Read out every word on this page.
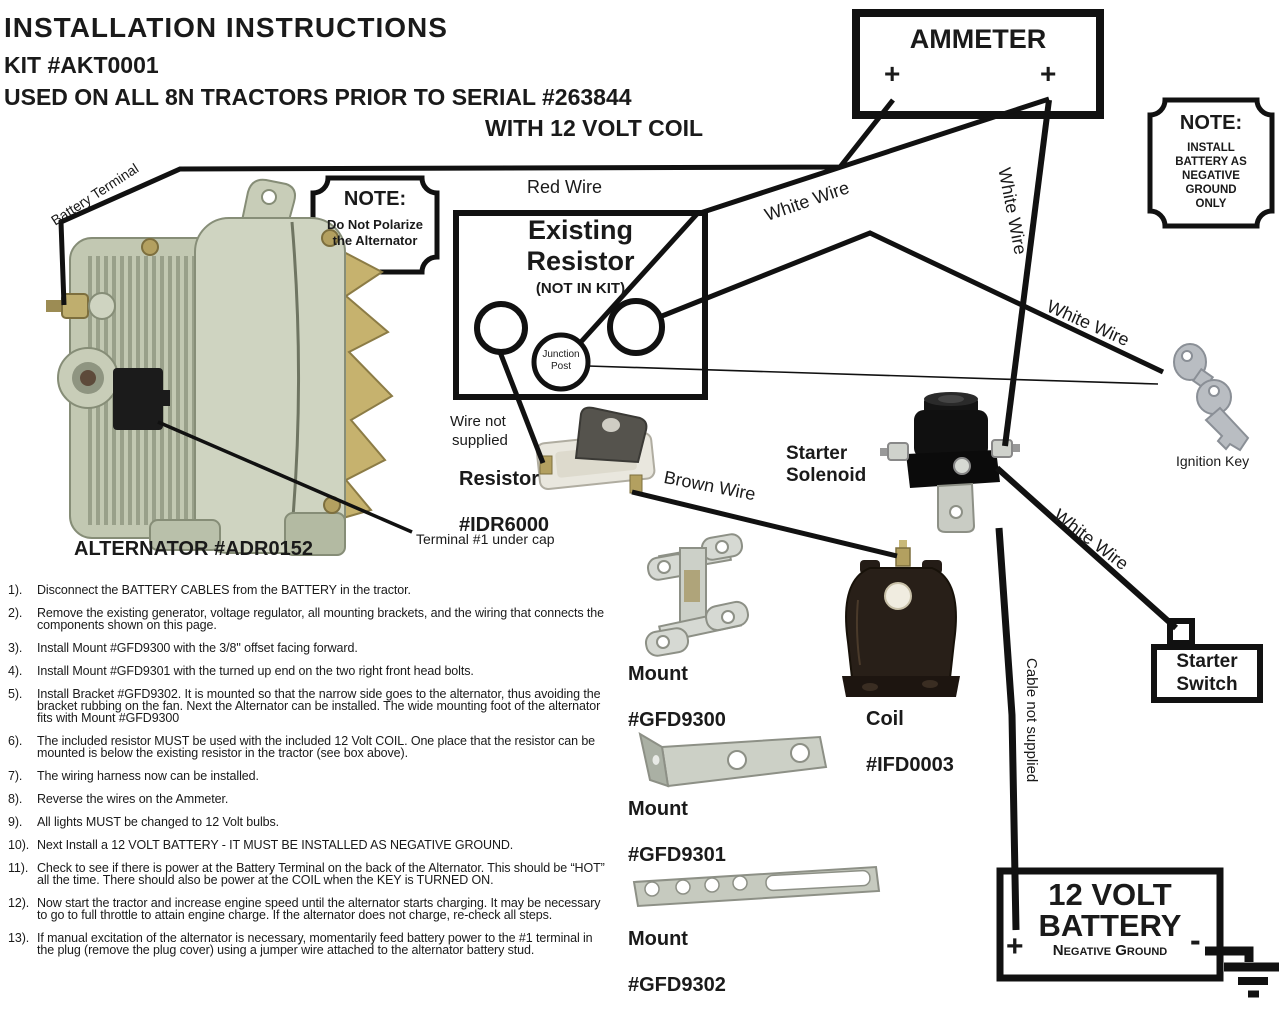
INSTALLATION INSTRUCTIONS
KIT #AKT0001
USED ON ALL 8N TRACTORS PRIOR TO SERIAL #263844
WITH 12 VOLT COIL
AMMETER
+	+
NOTE:
Do Not Polarize
the Alternator
NOTE:
INSTALL
BATTERY AS
NEGATIVE
GROUND
ONLY
Existing
Resistor
(NOT IN KIT)
Junction
Post
Red Wire	White Wire	White Wire
White Wire
White Wire
Brown Wire
Battery Terminal
Wire not
supplied
Terminal #1 under cap
Cable not supplied
Ignition Key
ALTERNATOR #ADR0152
Resistor

#IDR6000
Starter
Solenoid
Mount

#GFD9300
Mount

#GFD9301
Mount

#GFD9302
Coil

#IFD0003
Starter
Switch
12 VOLT
BATTERY
Negative Ground
+	-
1). Disconnect the BATTERY CABLES from the BATTERY in the tractor.
2). Remove the existing generator, voltage regulator, all mounting brackets, and the wiring that connects the components shown on this page.
3). Install Mount #GFD9300 with the 3/8" offset facing forward.
4). Install Mount #GFD9301 with the turned up end on the two right front head bolts.
5). Install Bracket #GFD9302. It is mounted so that the narrow side goes to the alternator, thus avoiding the bracket rubbing on the fan. Next the Alternator can be installed. The wide mounting foot of the alternator fits with Mount #GFD9300
6). The included resistor MUST be used with the included 12 Volt COIL. One place that the resistor can be mounted is below the existing resistor in the tractor (see box above).
7). The wiring harness now can be installed.
8). Reverse the wires on the Ammeter.
9). All lights MUST be changed to 12 Volt bulbs.
10). Next Install a 12 VOLT BATTERY - IT MUST BE INSTALLED AS NEGATIVE GROUND.
11). Check to see if there is power at the Battery Terminal on the back of the Alternator. This should be “HOT” all the time. There should also be power at the COIL when the KEY is TURNED ON.
12). Now start the tractor and increase engine speed until the alternator starts charging. It may be necessary to go to full throttle to attain engine charge. If the alternator does not charge, re-check all steps.
13). If manual excitation of the alternator is necessary, momentarily feed battery power to the #1 terminal in the plug (remove the plug cover) using a jumper wire attached to the alternator battery stud.
